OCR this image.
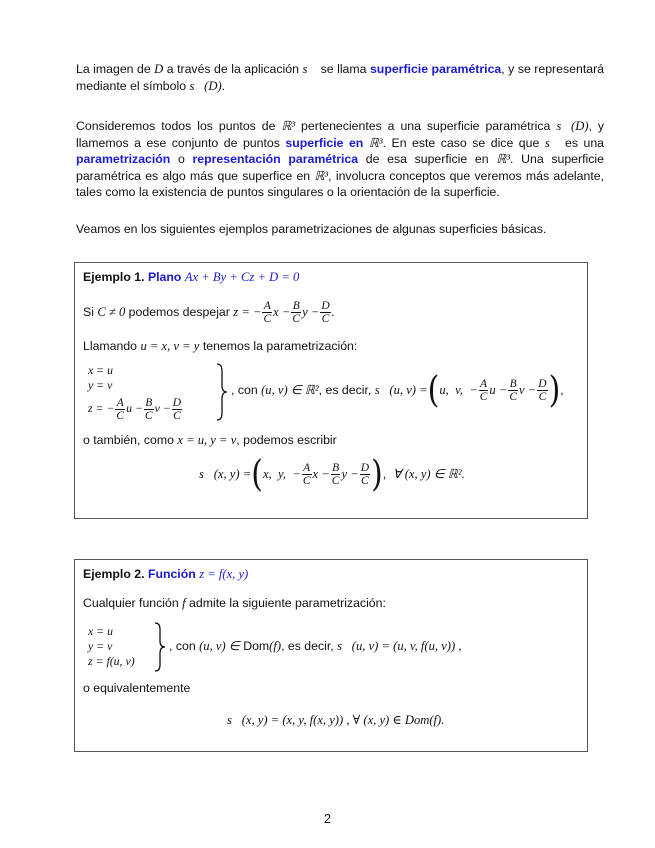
La imagen de D a través de la aplicación s⃗ se llama superficie paramétrica, y se representará mediante el símbolo s⃗(D).
Consideremos todos los puntos de ℝ³ pertenecientes a una superficie paramétrica s⃗(D), y llamemos a ese conjunto de puntos superficie en ℝ³. En este caso se dice que s⃗ es una parametrización o representación paramétrica de esa superficie en ℝ³. Una superficie paramétrica es algo más que superfice en ℝ³, involucra conceptos que veremos más adelante, tales como la existencia de puntos singulares o la orientación de la superficie.
Veamos en los siguientes ejemplos parametrizaciones de algunas superficies básicas.
Ejemplo 1. Plano Ax + By + Cz + D = 0
Si C ≠ 0 podemos despejar z = − $\frac{A}{C}$ $x - \frac{B}{C}$ $y - \frac{D}{C}$ .
Llamando u = x, v = y tenemos la parametrización:
x = u
y = v
z = − $\frac{A}{C}$ $u - \frac{B}{C}$ $v - \frac{D}{C}$
, con (u, v) ∈ ℝ², es decir, s⃗(u, v) =(u,  v,  − $\frac{A}{C}$ $u - \frac{B}{C}$ $v - \frac{D}{C}$ ),
o también, como x = u, y = v, podemos escribir
s⃗(x, y) =(x,  y,  − $\frac{A}{C}$ $x - \frac{B}{C}$ $y - \frac{D}{C}$ ),  ∀ (x, y) ∈ ℝ².
Ejemplo 2. Función z = f(x, y)
Cualquier función f admite la siguiente parametrización:
x = u
y = v
z = f(u, v)
, con (u, v) ∈ Dom(f), es decir, s⃗(u, v) = (u, v, f(u, v)) ,
o equivalentemente
s⃗(x, y) = (x, y, f(x, y)) , ∀ (x, y) ∈ Dom(f).
2
